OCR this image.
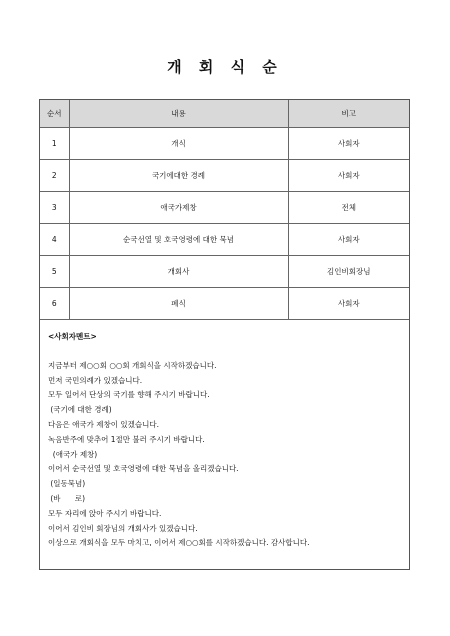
개 회 식 순
순서	내용	비고
1	개식	사회자
2	국기에대한 경례	사회자
3	애국가제창	전체
4	순국선열 및 호국영령에 대한 묵념	사회자
5	개회사	김인비회장님
6	폐식	사회자
<사회자멘트>

지금부터 제○○회 ○○회 개회식을 시작하겠습니다.

먼저 국민의례가 있겠습니다.

모두 일어서 단상의 국기를 향해 주시기 바랍니다.

(국기에 대한 경례)

다음은 애국가 제창이 있겠습니다.

녹음반주에 맞추어 1절만 불러 주시기 바랍니다.

(애국가 제창)

이어서 순국선열 및 호국영령에 대한 묵념을 올리겠습니다.

(일동묵념)

(바      로)

모두 자리에 앉아 주시기 바랍니다.

이어서 김인비 회장님의 개회사가 있겠습니다.

이상으로 개회식을 모두 마치고, 이어서 제○○회를 시작하겠습니다. 감사합니다.
